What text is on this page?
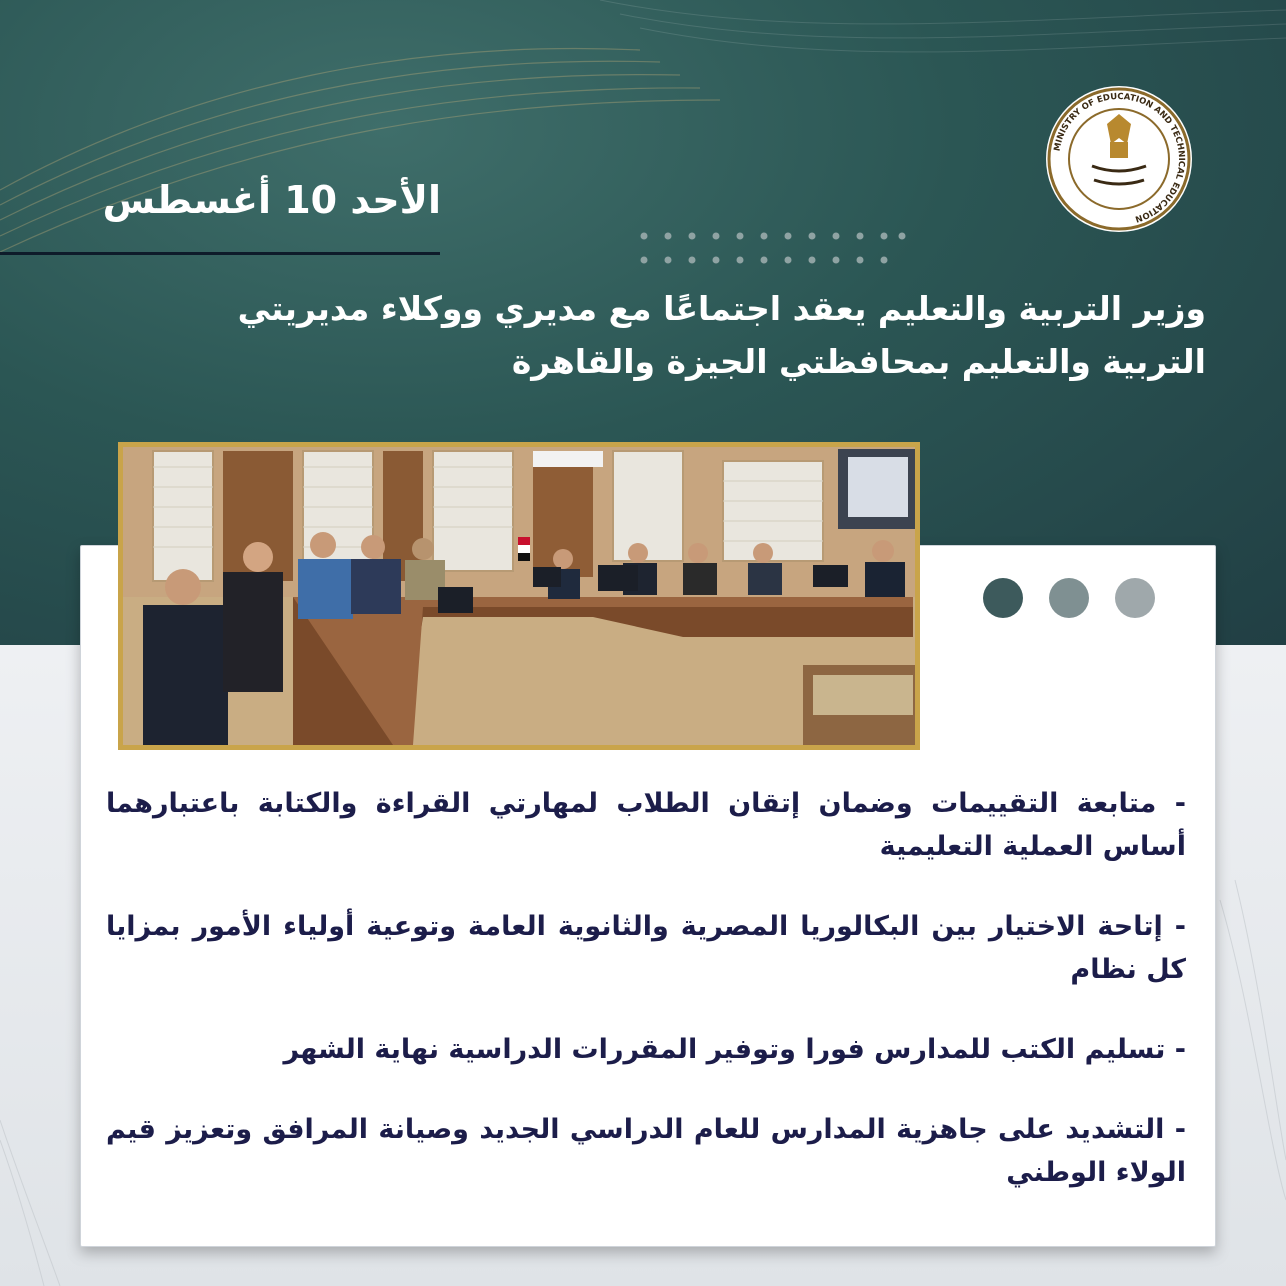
MINISTRY OF EDUCATION AND TECHNICAL EDUCATION
الأحد 10 أغسطس
وزير التربية والتعليم يعقد اجتماعًا مع مديري ووكلاء مديريتي
التربية والتعليم بمحافظتي الجيزة والقاهرة

- متابعة التقييمات وضمان إتقان الطلاب لمهارتي القراءة والكتابة باعتبارهما أساس العملية التعليمية

- إتاحة الاختيار بين البكالوريا المصرية والثانوية العامة وتوعية أولياء الأمور بمزايا كل نظام

- تسليم الكتب للمدارس فورا وتوفير المقررات الدراسية نهاية الشهر

- التشديد على جاهزية المدارس للعام الدراسي الجديد وصيانة المرافق وتعزيز قيم الولاء الوطني
